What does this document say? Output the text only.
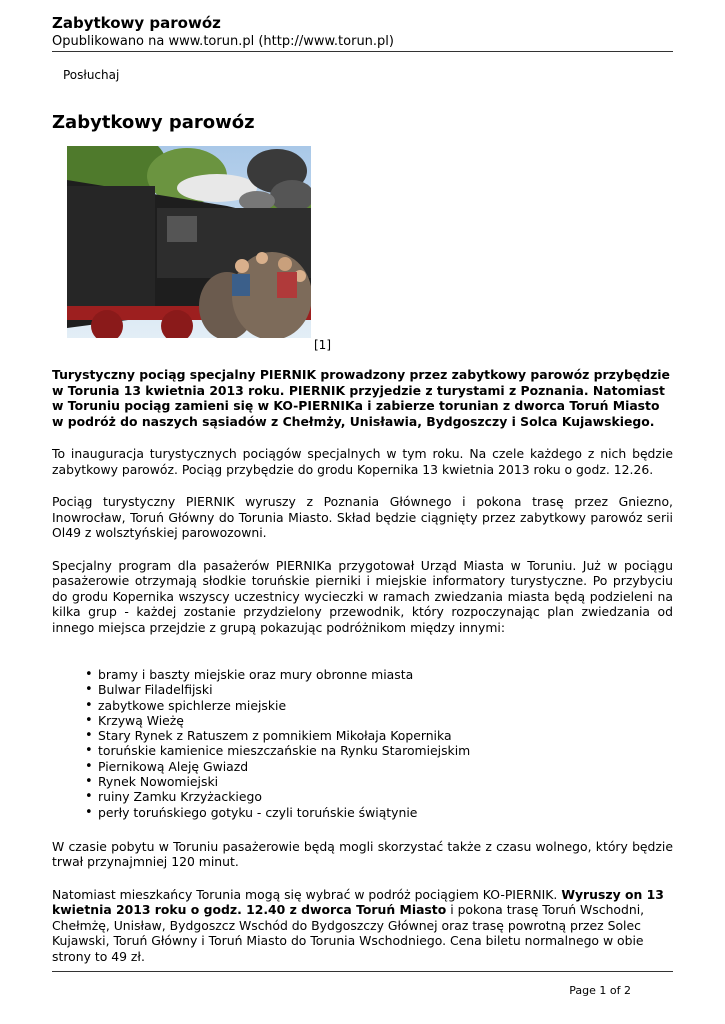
Zabytkowy parowóz
Opublikowano na www.torun.pl (http://www.torun.pl)
Posłuchaj
Zabytkowy parowóz
[1]

Turystyczny pociąg specjalny PIERNIK prowadzony przez zabytkowy parowóz przybędzie w Torunia 13 kwietnia 2013 roku. PIERNIK przyjedzie z turystami z Poznania. Natomiast w Toruniu pociąg zamieni się w KO-PIERNIKa i zabierze torunian z dworca Toruń Miasto w podróż do naszych sąsiadów z Chełmży, Unisławia, Bydgoszczy i Solca Kujawskiego.

To inauguracja turystycznych pociągów specjalnych w tym roku. Na czele każdego z nich będzie zabytkowy parowóz. Pociąg przybędzie do grodu Kopernika 13 kwietnia 2013 roku o godz. 12.26.

Pociąg turystyczny PIERNIK wyruszy z Poznania Głównego i pokona trasę przez Gniezno, Inowrocław, Toruń Główny do Torunia Miasto. Skład będzie ciągnięty przez zabytkowy parowóz serii Ol49 z wolsztyńskiej parowozowni.

Specjalny program dla pasażerów PIERNIKa przygotował Urząd Miasta w Toruniu. Już w pociągu pasażerowie otrzymają słodkie toruńskie pierniki i miejskie informatory turystyczne. Po przybyciu do grodu Kopernika wszyscy uczestnicy wycieczki w ramach zwiedzania miasta będą podzieleni na kilka grup - każdej zostanie przydzielony przewodnik, który rozpoczynając plan zwiedzania od innego miejsca przejdzie z grupą pokazując podróżnikom między innymi:

• bramy i baszty miejskie oraz mury obronne miasta
• Bulwar Filadelfijski
• zabytkowe spichlerze miejskie
• Krzywą Wieżę
• Stary Rynek z Ratuszem z pomnikiem Mikołaja Kopernika
• toruńskie kamienice mieszczańskie na Rynku Staromiejskim
• Piernikową Aleję Gwiazd
• Rynek Nowomiejski
• ruiny Zamku Krzyżackiego
• perły toruńskiego gotyku - czyli toruńskie świątynie

W czasie pobytu w Toruniu pasażerowie będą mogli skorzystać także z czasu wolnego, który będzie trwał przynajmniej 120 minut.

Natomiast mieszkańcy Torunia mogą się wybrać w podróż pociągiem KO-PIERNIK. Wyruszy on 13 kwietnia 2013 roku o godz. 12.40 z dworca Toruń Miasto i pokona trasę Toruń Wschodni, Chełmżę, Unisław, Bydgoszcz Wschód do Bydgoszczy Głównej oraz trasę powrotną przez Solec Kujawski, Toruń Główny i Toruń Miasto do Torunia Wschodniego. Cena biletu normalnego w obie strony to 49 zł.

Page 1 of 2
